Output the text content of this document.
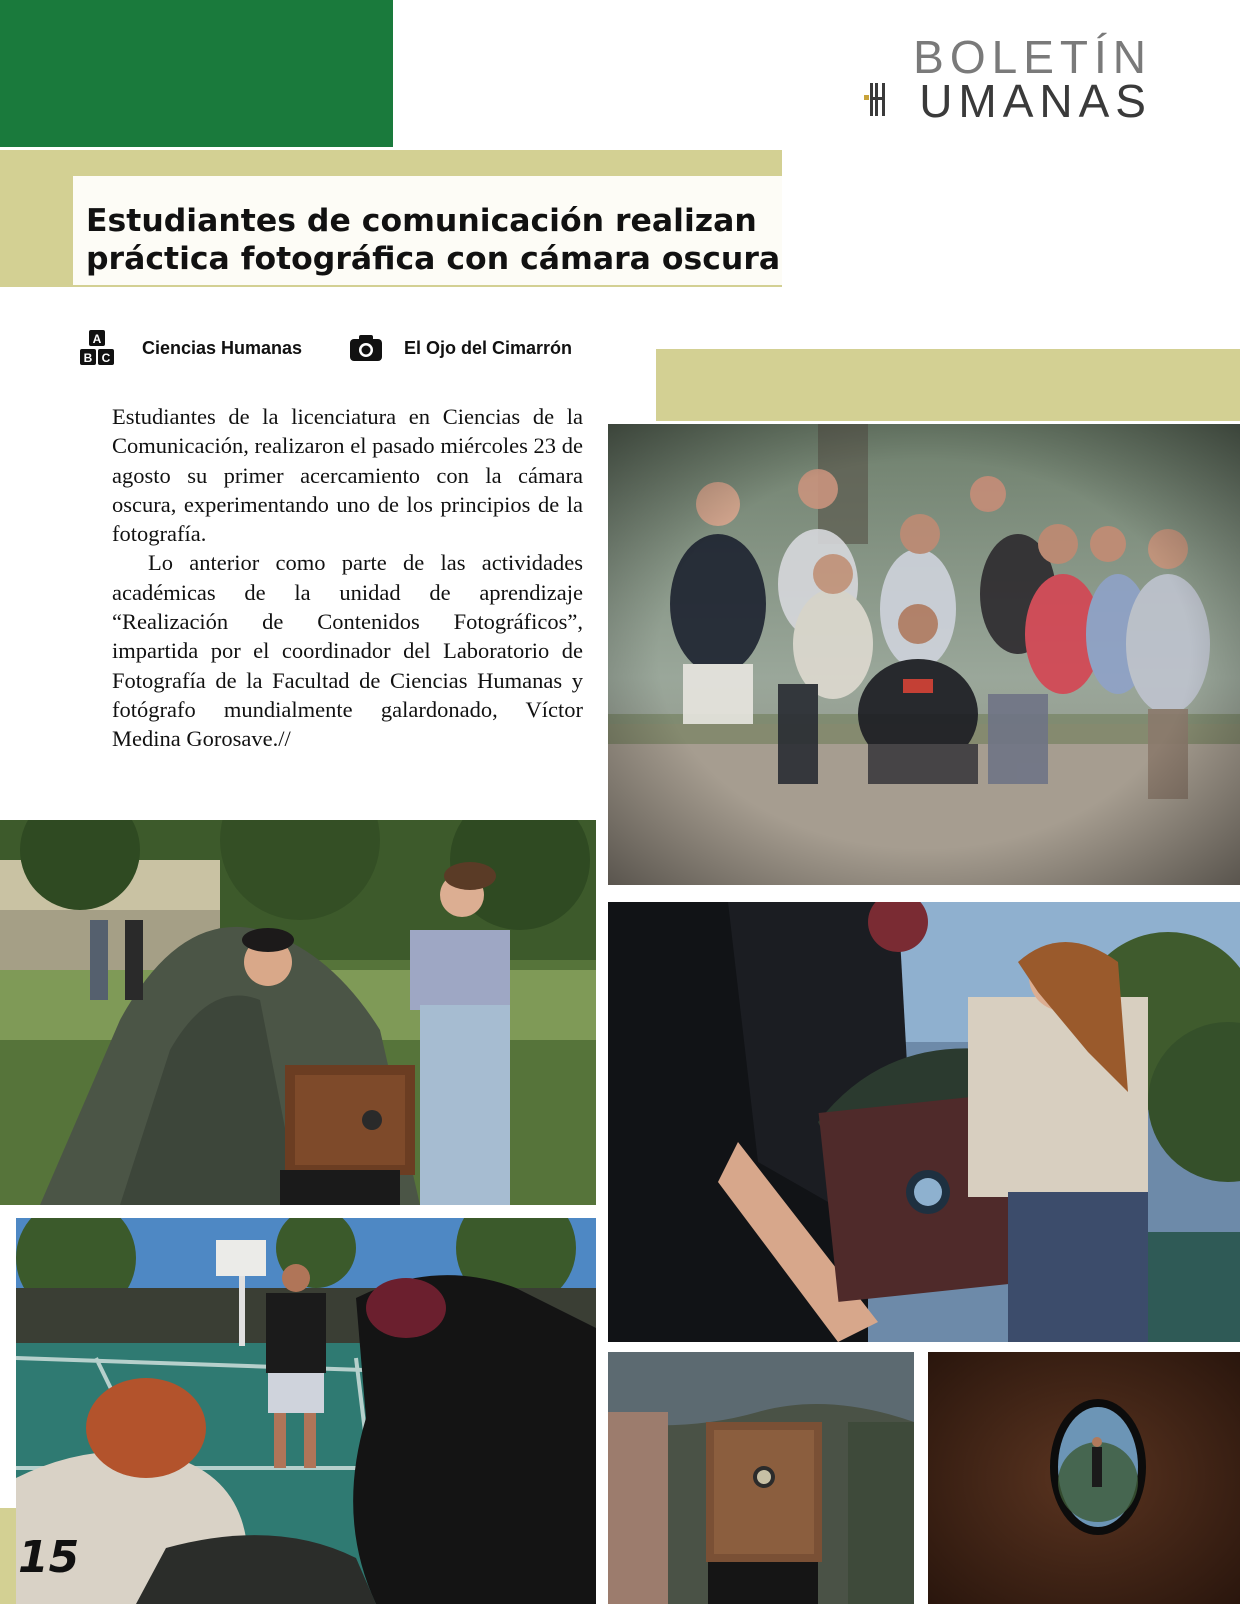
BOLETÍN
UMANAS
Estudiantes de comunicación realizan
práctica fotográfica con cámara oscura
A
B C
Ciencias Humanas	El Ojo del Cimarrón

Estudiantes de la licenciatura en Ciencias de la Comunicación, realizaron el pasado miércoles 23 de agosto su primer acercamiento con la cámara oscura, experimentando uno de los principios de la fotografía.

Lo anterior como parte de las actividades académicas de la unidad de aprendizaje “Realización de Contenidos Fotográficos”, impartida por el coordinador del Laboratorio de Fotografía de la Facultad de Ciencias Humanas y fotógrafo mundialmente galardonado, Víctor Medina Gorosave.//

15
